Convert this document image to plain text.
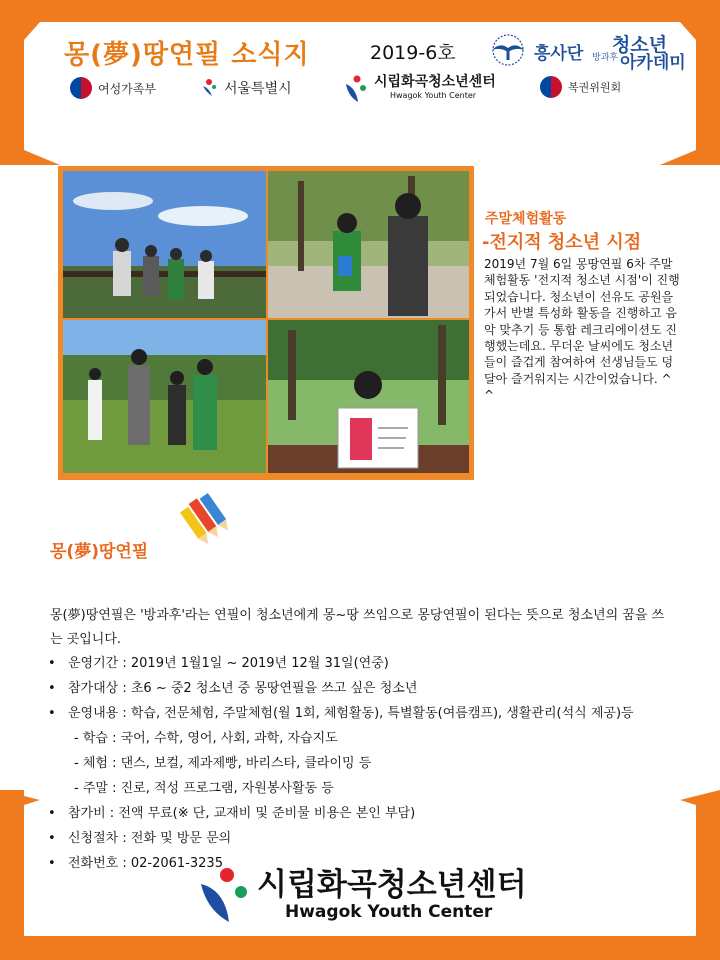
몽(夢)땅연필 소식지	2019-6호	흥사단 방과후
청소년
아카데미
여성가족부	서울특별시	시립화곡청소년센터
Hwagok Youth Center
복권위원회
주말체험활동
-전지적 청소년 시점
2019년 7월 6일 몽땅연필 6차 주말체험활동 '전지적 청소년 시점'이 진행되었습니다. 청소년이 선유도 공원을 가서 반별 특성화 활동을 진행하고 음악 맞추기 등 통합 레크리에이션도 진행했는데요. 무더운 날씨에도 청소년들이 즐겁게 참여하여 선생님들도 덩달아 즐거워지는 시간이었습니다. ^^
몽(夢)땅연필
몽(夢)땅연필은 '방과후'라는 연필이 청소년에게 몽~땅 쓰임으로 몽당연필이 된다는 뜻으로 청소년의 꿈을 쓰는 곳입니다.
• 운영기간 : 2019년 1월1일 ~ 2019년 12월 31일(연중)
• 참가대상 : 초6 ~ 중2 청소년 중 몽땅연필을 쓰고 싶은 청소년
• 운영내용 : 학습, 전문체험, 주말체험(월 1회, 체험활동), 특별활동(여름캠프), 생활관리(석식 제공)등
- 학습 : 국어, 수학, 영어, 사회, 과학, 자습지도
- 체험 : 댄스, 보컬, 제과제빵, 바리스타, 클라이밍 등
- 주말 : 진로, 적성 프로그램, 자원봉사활동 등
• 참가비 : 전액 무료(※ 단, 교재비 및 준비물 비용은 본인 부담)
• 신청절차 : 전화 및 방문 문의
• 전화번호 : 02-2061-3235
시립화곡청소년센터
Hwagok Youth Center
